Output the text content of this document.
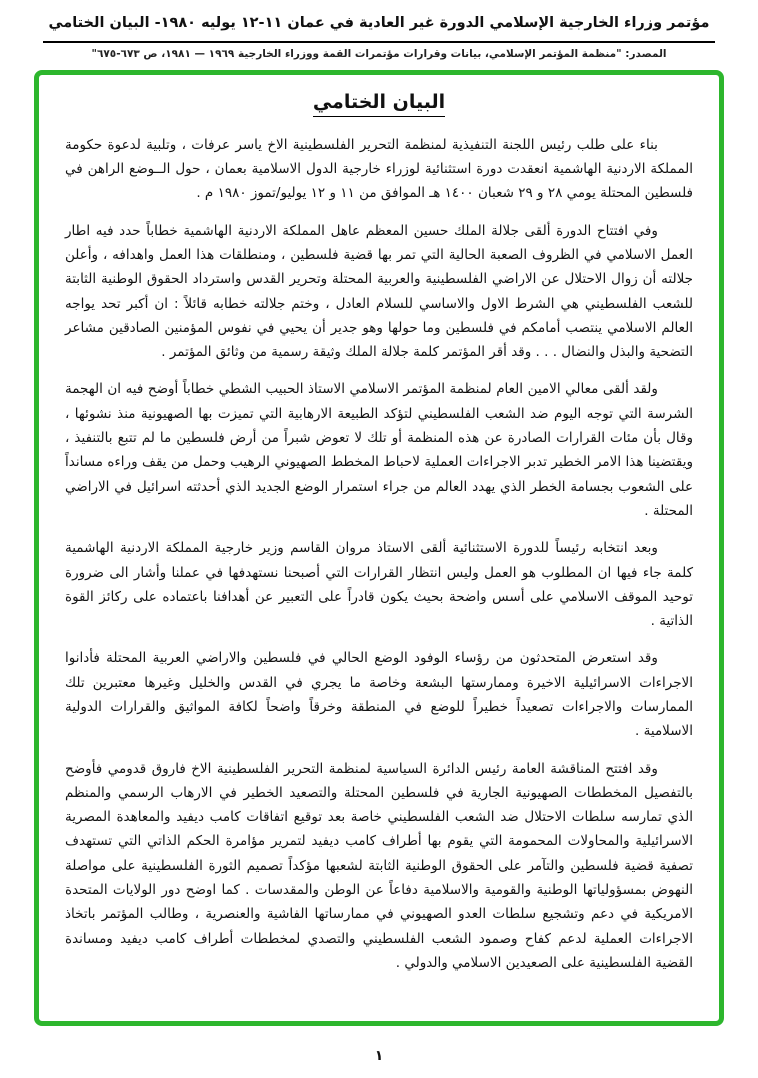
مؤتمر وزراء الخارجية الإسلامي الدورة غير العادية في عمان ١١-١٢ يوليه ١٩٨٠- البيان الختامي
المصدر: "منظمة المؤتمر الإسلامي، بيانات وقرارات مؤتمرات القمة ووزراء الخارجية ١٩٦٩ — ١٩٨١، ص ٦٧٣-٦٧٥"
البيان الختامي

بناء على طلب رئيس اللجنة التنفيذية لمنظمة التحرير الفلسطينية الاخ ياسر عرفات ، وتلبية لدعوة حكومة المملكة الاردنية الهاشمية انعقدت دورة استثنائية لوزراء خارجية الدول الاسلامية بعمان ، حول الــوضع الراهن في فلسطين المحتلة يومي ٢٨ و ٢٩ شعبان ١٤٠٠ هـ الموافق من ١١ و ١٢ يوليو/تموز ١٩٨٠ م .

وفي افتتاح الدورة ألقى جلالة الملك حسين المعظم عاهل المملكة الاردنية الهاشمية خطاباً حدد فيه اطار العمل الاسلامي في الظروف الصعبة الحالية التي تمر بها قضية فلسطين ، ومنطلقات هذا العمل واهدافه ، وأعلن جلالته أن زوال الاحتلال عن الاراضي الفلسطينية والعربية المحتلة وتحرير القدس واسترداد الحقوق الوطنية الثابتة للشعب الفلسطيني هي الشرط الاول والاساسي للسلام العادل ، وختم جلالته خطابه قائلاً : ان أكبر تحد يواجه العالم الاسلامي ينتصب أمامكم في فلسطين وما حولها وهو جدير أن يحيي في نفوس المؤمنين الصادقين مشاعر التضحية والبذل والنضال . . . وقد أقر المؤتمر كلمة جلالة الملك وثيقة رسمية من وثائق المؤتمر .

ولقد ألقى معالي الامين العام لمنظمة المؤتمر الاسلامي الاستاذ الحبيب الشطي خطاباً أوضح فيه ان الهجمة الشرسة التي توجه اليوم ضد الشعب الفلسطيني لتؤكد الطبيعة الارهابية التي تميزت بها الصهيونية منذ نشوئها ، وقال بأن مئات القرارات الصادرة عن هذه المنظمة أو تلك لا تعوض شبراً من أرض فلسطين ما لم تتبع بالتنفيذ ، ويقتضينا هذا الامر الخطير تدبر الاجراءات العملية لاحباط المخطط الصهيوني الرهيب وحمل من يقف وراءه مسانداً على الشعوب بجسامة الخطر الذي يهدد العالم من جراء استمرار الوضع الجديد الذي أحدثته اسرائيل في الاراضي المحتلة .

وبعد انتخابه رئيساً للدورة الاستثنائية ألقى الاستاذ مروان القاسم وزير خارجية المملكة الاردنية الهاشمية كلمة جاء فيها ان المطلوب هو العمل وليس انتظار القرارات التي أصبحنا نستهدفها في عملنا وأشار الى ضرورة توحيد الموقف الاسلامي على أسس واضحة بحيث يكون قادراً على التعبير عن أهدافنا باعتماده على ركائز القوة الذاتية .

وقد استعرض المتحدثون من رؤساء الوفود الوضع الحالي في فلسطين والاراضي العربية المحتلة فأدانوا الاجراءات الاسرائيلية الاخيرة وممارستها البشعة وخاصة ما يجري في القدس والخليل وغيرها معتبرين تلك الممارسات والاجراءات تصعيداً خطيراً للوضع في المنطقة وخرقاً واضحاً لكافة المواثيق والقرارات الدولية الاسلامية .

وقد افتتح المناقشة العامة رئيس الدائرة السياسية لمنظمة التحرير الفلسطينية الاخ فاروق قدومي فأوضح بالتفصيل المخططات الصهيونية الجارية في فلسطين المحتلة والتصعيد الخطير في الارهاب الرسمي والمنظم الذي تمارسه سلطات الاحتلال ضد الشعب الفلسطيني خاصة بعد توقيع اتفاقات كامب ديفيد والمعاهدة المصرية الاسرائيلية والمحاولات المحمومة التي يقوم بها أطراف كامب ديفيد لتمرير مؤامرة الحكم الذاتي التي تستهدف تصفية قضية فلسطين والتآمر على الحقوق الوطنية الثابتة لشعبها مؤكداً تصميم الثورة الفلسطينية على مواصلة النهوض بمسؤولياتها الوطنية والقومية والاسلامية دفاعاً عن الوطن والمقدسات . كما اوضح دور الولايات المتحدة الامريكية في دعم وتشجيع سلطات العدو الصهيوني في ممارساتها الفاشية والعنصرية ، وطالب المؤتمر باتخاذ الاجراءات العملية لدعم كفاح وصمود الشعب الفلسطيني والتصدي لمخططات أطراف كامب ديفيد ومساندة القضية الفلسطينية على الصعيدين الاسلامي والدولي .

١
